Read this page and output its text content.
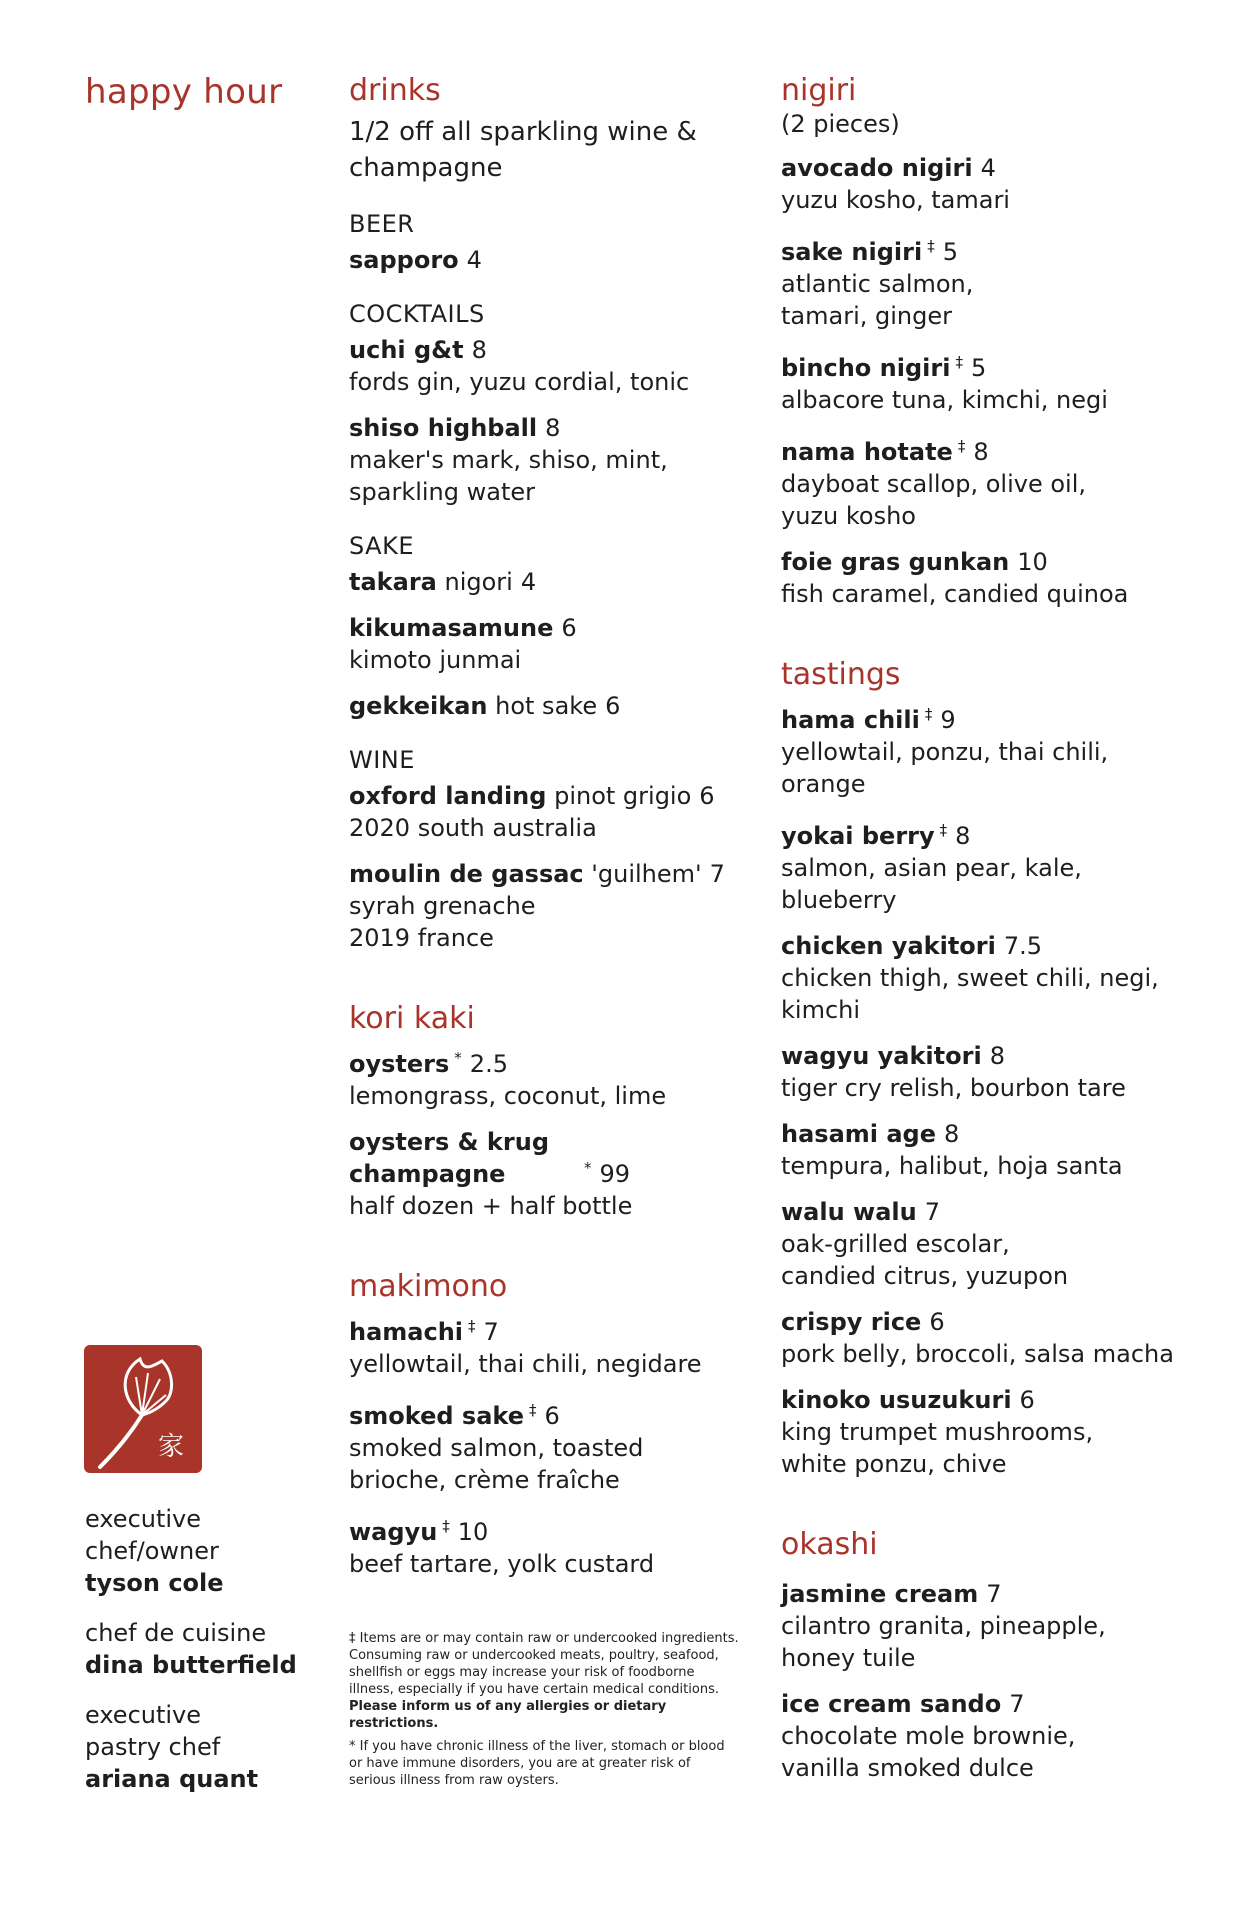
happy hour
家
executive chef/owner
tyson cole
chef de cuisine
dina butterfield
executive pastry chef
ariana quant
drinks
1/2 off all sparkling wine & champagne
BEER
sapporo 4
COCKTAILS
uchi g&t 8
fords gin, yuzu cordial, tonic
shiso highball 8
maker's mark, shiso, mint, sparkling water
SAKE
takara nigori 4
kikumasamune 6
kimoto junmai
gekkeikan hot sake 6
WINE
oxford landing pinot grigio 6
2020 south australia
moulin de gassac 'guilhem' 7
syrah grenache 2019 france
kori kaki
oysters * 2.5
lemongrass, coconut, lime
oysters & krug champagne	* 99
half dozen + half bottle
makimono
hamachi ‡ 7
yellowtail, thai chili, negidare
smoked sake ‡ 6
smoked salmon, toasted brioche, crème fraîche
wagyu ‡ 10
beef tartare, yolk custard
‡ Items are or may contain raw or undercooked ingredients. Consuming raw or undercooked meats, poultry, seafood, shellfish or eggs may increase your risk of foodborne illness, especially if you have certain medical conditions. Please inform us of any allergies or dietary restrictions.
* If you have chronic illness of the liver, stomach or blood or have immune disorders, you are at greater risk of serious illness from raw oysters.
nigiri
(2 pieces)
avocado nigiri 4
yuzu kosho, tamari
sake nigiri ‡ 5
atlantic salmon, tamari, ginger
bincho nigiri ‡ 5
albacore tuna, kimchi, negi
nama hotate ‡ 8
dayboat scallop, olive oil, yuzu kosho
foie gras gunkan 10
fish caramel, candied quinoa
tastings
hama chili ‡ 9
yellowtail, ponzu, thai chili, orange
yokai berry ‡ 8
salmon, asian pear, kale, blueberry
chicken yakitori 7.5
chicken thigh, sweet chili, negi, kimchi
wagyu yakitori 8
tiger cry relish, bourbon tare
hasami age 8
tempura, halibut, hoja santa
walu walu 7
oak-grilled escolar, candied citrus, yuzupon
crispy rice 6
pork belly, broccoli, salsa macha
kinoko usuzukuri 6
king trumpet mushrooms, white ponzu, chive
okashi
jasmine cream 7
cilantro granita, pineapple, honey tuile
ice cream sando 7
chocolate mole brownie, vanilla smoked dulce
